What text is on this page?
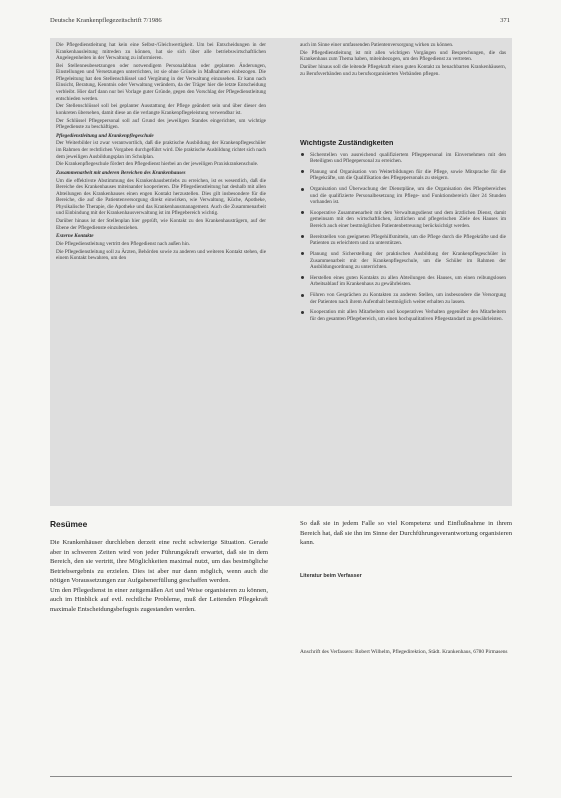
Deutsche Krankenpflegezeitschrift 7/1986	371

Die Pflegedienstleitung hat kein eine Selbst-/Gleichwertigkeit. Um bei Entscheidungen in der Krankenhausleitung mitreden zu können, hat sie sich über alle betriebswirtschaftlichen Angelegenheiten in der Verwaltung zu informieren.

Bei Stellenneubesetzungen oder notwendigem Personalabbau oder geplanten Änderungen, Einstellungen und Versetzungen unterrichten, ist sie ohne Gründe in Maßnahmen einbezogen. Die Pflegeleitung hat den Stellenschlüssel und Vergütung in der Verwaltung einzusehen. Er kann nach Einsicht, Beratung, Kenntnis oder Verwaltung verändern, da der Träger hier die letzte Entscheidung verbleibt. Hier darf dann nur bei Vorlage guter Gründe, gegen den Vorschlag der Pflegedienstleitung entschieden werden.

Der Stellenschlüssel soll bei geplanter Ausstattung der Pflege geändert sein und über dieser den konkreten übersehen, damit diese an die verlangte Krankenpflegeleistung verwendbar ist.

Der Schlüssel Pflegepersonal soll auf Grund des jeweiligen Standes eingerichtet, um wichtige Pflegedienste zu beschäftigen.

Pflegedienstleitung und Krankenpflegeschule

Der Weiterbilder ist zwar verantwortlich, daß die praktische Ausbildung der Krankenpflegeschüler im Rahmen der rechtlichen Vorgaben durchgeführt wird. Die praktische Ausbildung richtet sich nach dem jeweiligen Ausbildungsplan im Schulplan.

Die Krankenpflegeschule fördert den Pflegedienst hierbei an der jeweiligen Praxiskrankenschule.

Zusammenarbeit mit anderen Bereichen des Krankenhauses

Um die effektivste Abstimmung des Krankenhausbetriebs zu erreichen, ist es wesentlich, daß die Bereiche des Krankenhauses miteinander kooperieren. Die Pflegedienstleitung hat deshalb mit allen Abteilungen des Krankenhauses einen engen Kontakt herzustellen. Dies gilt insbesondere für die Bereiche, die auf die Patientenversorgung direkt einwirken, wie Verwaltung, Küche, Apotheke, Physikalische Therapie, die Apotheke und das Krankenhausmanagement. Auch die Zusammenarbeit und Einbindung mit der Krankenhausverwaltung ist im Pflegebereich wichtig.

Darüber hinaus ist der Stellenplan hier geprüft, wie Kontakt zu den Krankenhausträgern, auf der Ebene der Pflegedienste einzubeziehen.

Externe Kontakte

Die Pflegedienstleitung vertritt den Pflegedienst nach außen hin.

Die Pflegedienstleitung soll zu Ärzten, Behörden sowie zu anderen und weiteren Kontakt stehen, die einem Kontakt bewahren, um den

auch im Sinne einer umfassenden Patientenversorgung wirken zu können.

Die Pflegedienstleitung ist mit allen wichtigen Vorgängen und Besprechungen, die das Krankenhaus zum Thema haben, miteinbezogen, um den Pflegedienst zu vertreten.

Darüber hinaus soll die leitende Pflegekraft einen guten Kontakt zu benachbarten Krankenhäusern, zu Berufsverbänden und zu berufsorganisierten Verbänden pflegen.

Wichtigste Zuständigkeiten
Sicherstellen von ausreichend qualifiziertem Pflegepersonal im Einvernehmen mit den Beteiligten und Pflegepersonal zu erreichen.
Planung und Organisation von Weiterbildungen für die Pflege, sowie Mitsprache für die Pflegekräfte, um die Qualifikation des Pflegepersonals zu steigern.
Organisation und Überwachung der Dienstpläne, um die Organisation des Pflegebereiches und die qualifizierte Personalbesetzung im Pflege- und Funktionsbereich über 24 Stunden vorhanden ist.
Kooperative Zusammenarbeit mit dem Verwaltungsdienst und dem ärztlichen Dienst, damit gemeinsam mit den wirtschaftlichen, ärztlichen und pflegerischen Ziele des Hauses im Bereich auch einer bestmöglichen Patientenbetreuung berücksichtigt werden.
Bereitstellen von geeigneten Pflegehilfsmitteln, um die Pflege durch die Pflegekräfte und die Patienten zu erleichtern und zu unterstützen.
Planung und Sicherstellung der praktischen Ausbildung der Krankenpflegeschüler in Zusammenarbeit mit der Krankenpflegeschule, um die Schüler im Rahmen der Ausbildungsordnung zu unterrichten.
Herstellen eines guten Kontakts zu allen Abteilungen des Hauses, um einen reibungslosen Arbeitsablauf im Krankenhaus zu gewährleisten.
Führen von Gesprächen zu Kontakten zu anderen Stellen, um insbesondere die Versorgung der Patienten nach ihrem Aufenthalt bestmöglich weiter erhalten zu lassen.
Kooperation mit allen Mitarbeitern und kooperatives Verhalten gegenüber den Mitarbeitern für den gesamten Pflegebereich, um einen hochqualitativen Pflegestandard zu gewährleisten.
Resümee

Die Krankenhäuser durchleben derzeit eine recht schwierige Situation. Gerade aber in schweren Zeiten wird von jeder Führungskraft erwartet, daß sie in dem Bereich, den sie vertritt, ihre Möglichkeiten maximal nutzt, um das bestmögliche Betriebsergebnis zu erzielen. Dies ist aber nur dann möglich, wenn auch die nötigen Voraussetzungen zur Aufgabenerfüllung geschaffen werden.

Um den Pflegedienst in einer zeitgemäßen Art und Weise organisieren zu können, auch im Hinblick auf evtl. rechtliche Probleme, muß der Leitenden Pflegekraft maximale Entscheidungsbefugnis zugestanden werden.

So daß sie in jedem Falle so viel Kompetenz und Einflußnahme in ihrem Bereich hat, daß sie ihn im Sinne der Durchführungsverantwortung organisieren kann.

Literatur beim Verfasser
Anschrift des Verfassers: Robert Wilhelm, Pflegedirektion, Städt. Krankenhaus, 6780 Pirmasens
